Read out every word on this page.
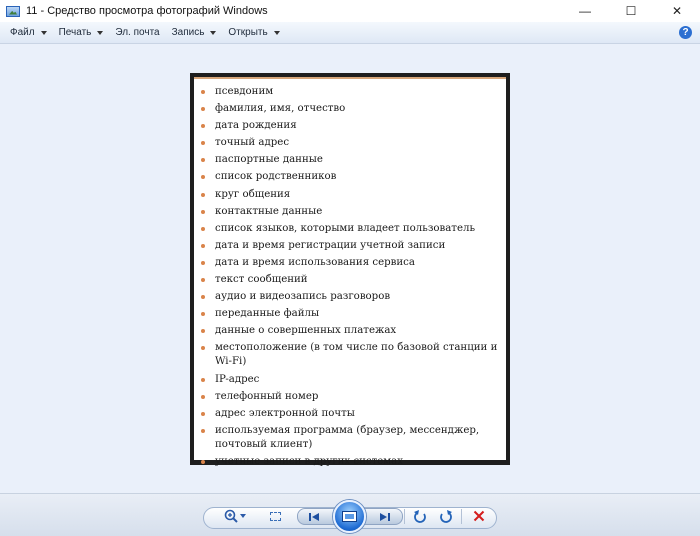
11 - Средство просмотра фотографий Windows	—	☐	✕
Файл Печать Эл. почта Запись Открыть	?
псевдоним
фамилия, имя, отчество
дата рождения
точный адрес
паспортные данные
список родственников
круг общения
контактные данные
список языков, которыми владеет пользователь
дата и время регистрации учетной записи
дата и время использования сервиса
текст сообщений
аудио и видеозапись разговоров
переданные файлы
данные о совершенных платежах
местоположение (в том числе по базовой станции и Wi-Fi)
IP-адрес
телефонный номер
адрес электронной почты
используемая программа (браузер, мессенджер, почтовый клиент)
учетные записи в других системах
